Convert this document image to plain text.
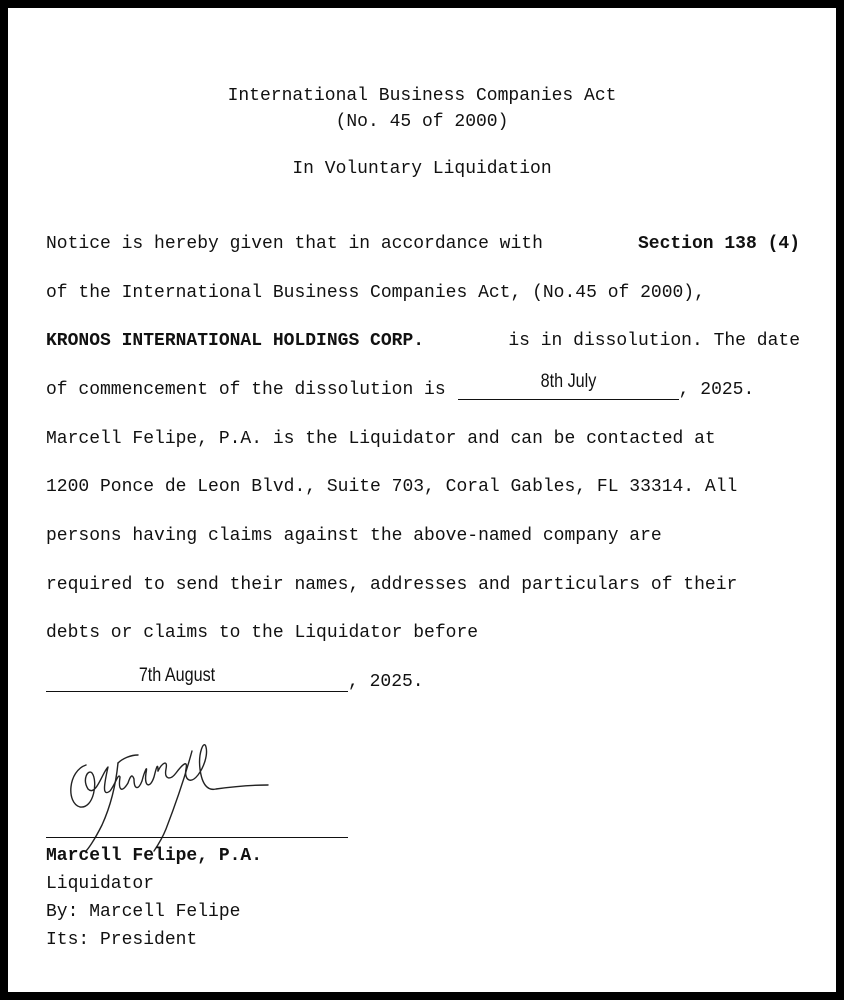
International Business Companies Act
(No. 45 of 2000)
In Voluntary Liquidation
Notice is hereby given that in accordance with	Section 138 (4)
of the International Business Companies Act, (No.45 of 2000),
KRONOS INTERNATIONAL HOLDINGS CORP.	is in dissolution. The date
of commencement of the dissolution is	8th July	, 2025.
Marcell Felipe, P.A. is the Liquidator and can be contacted at
1200 Ponce de Leon Blvd., Suite 703, Coral Gables, FL 33314. All
persons having claims against the above-named company are
required to send their names, addresses and particulars of their
debts or claims to the Liquidator before
7th August	, 2025.
Marcell Felipe, P.A.
Liquidator
By: Marcell Felipe
Its: President
